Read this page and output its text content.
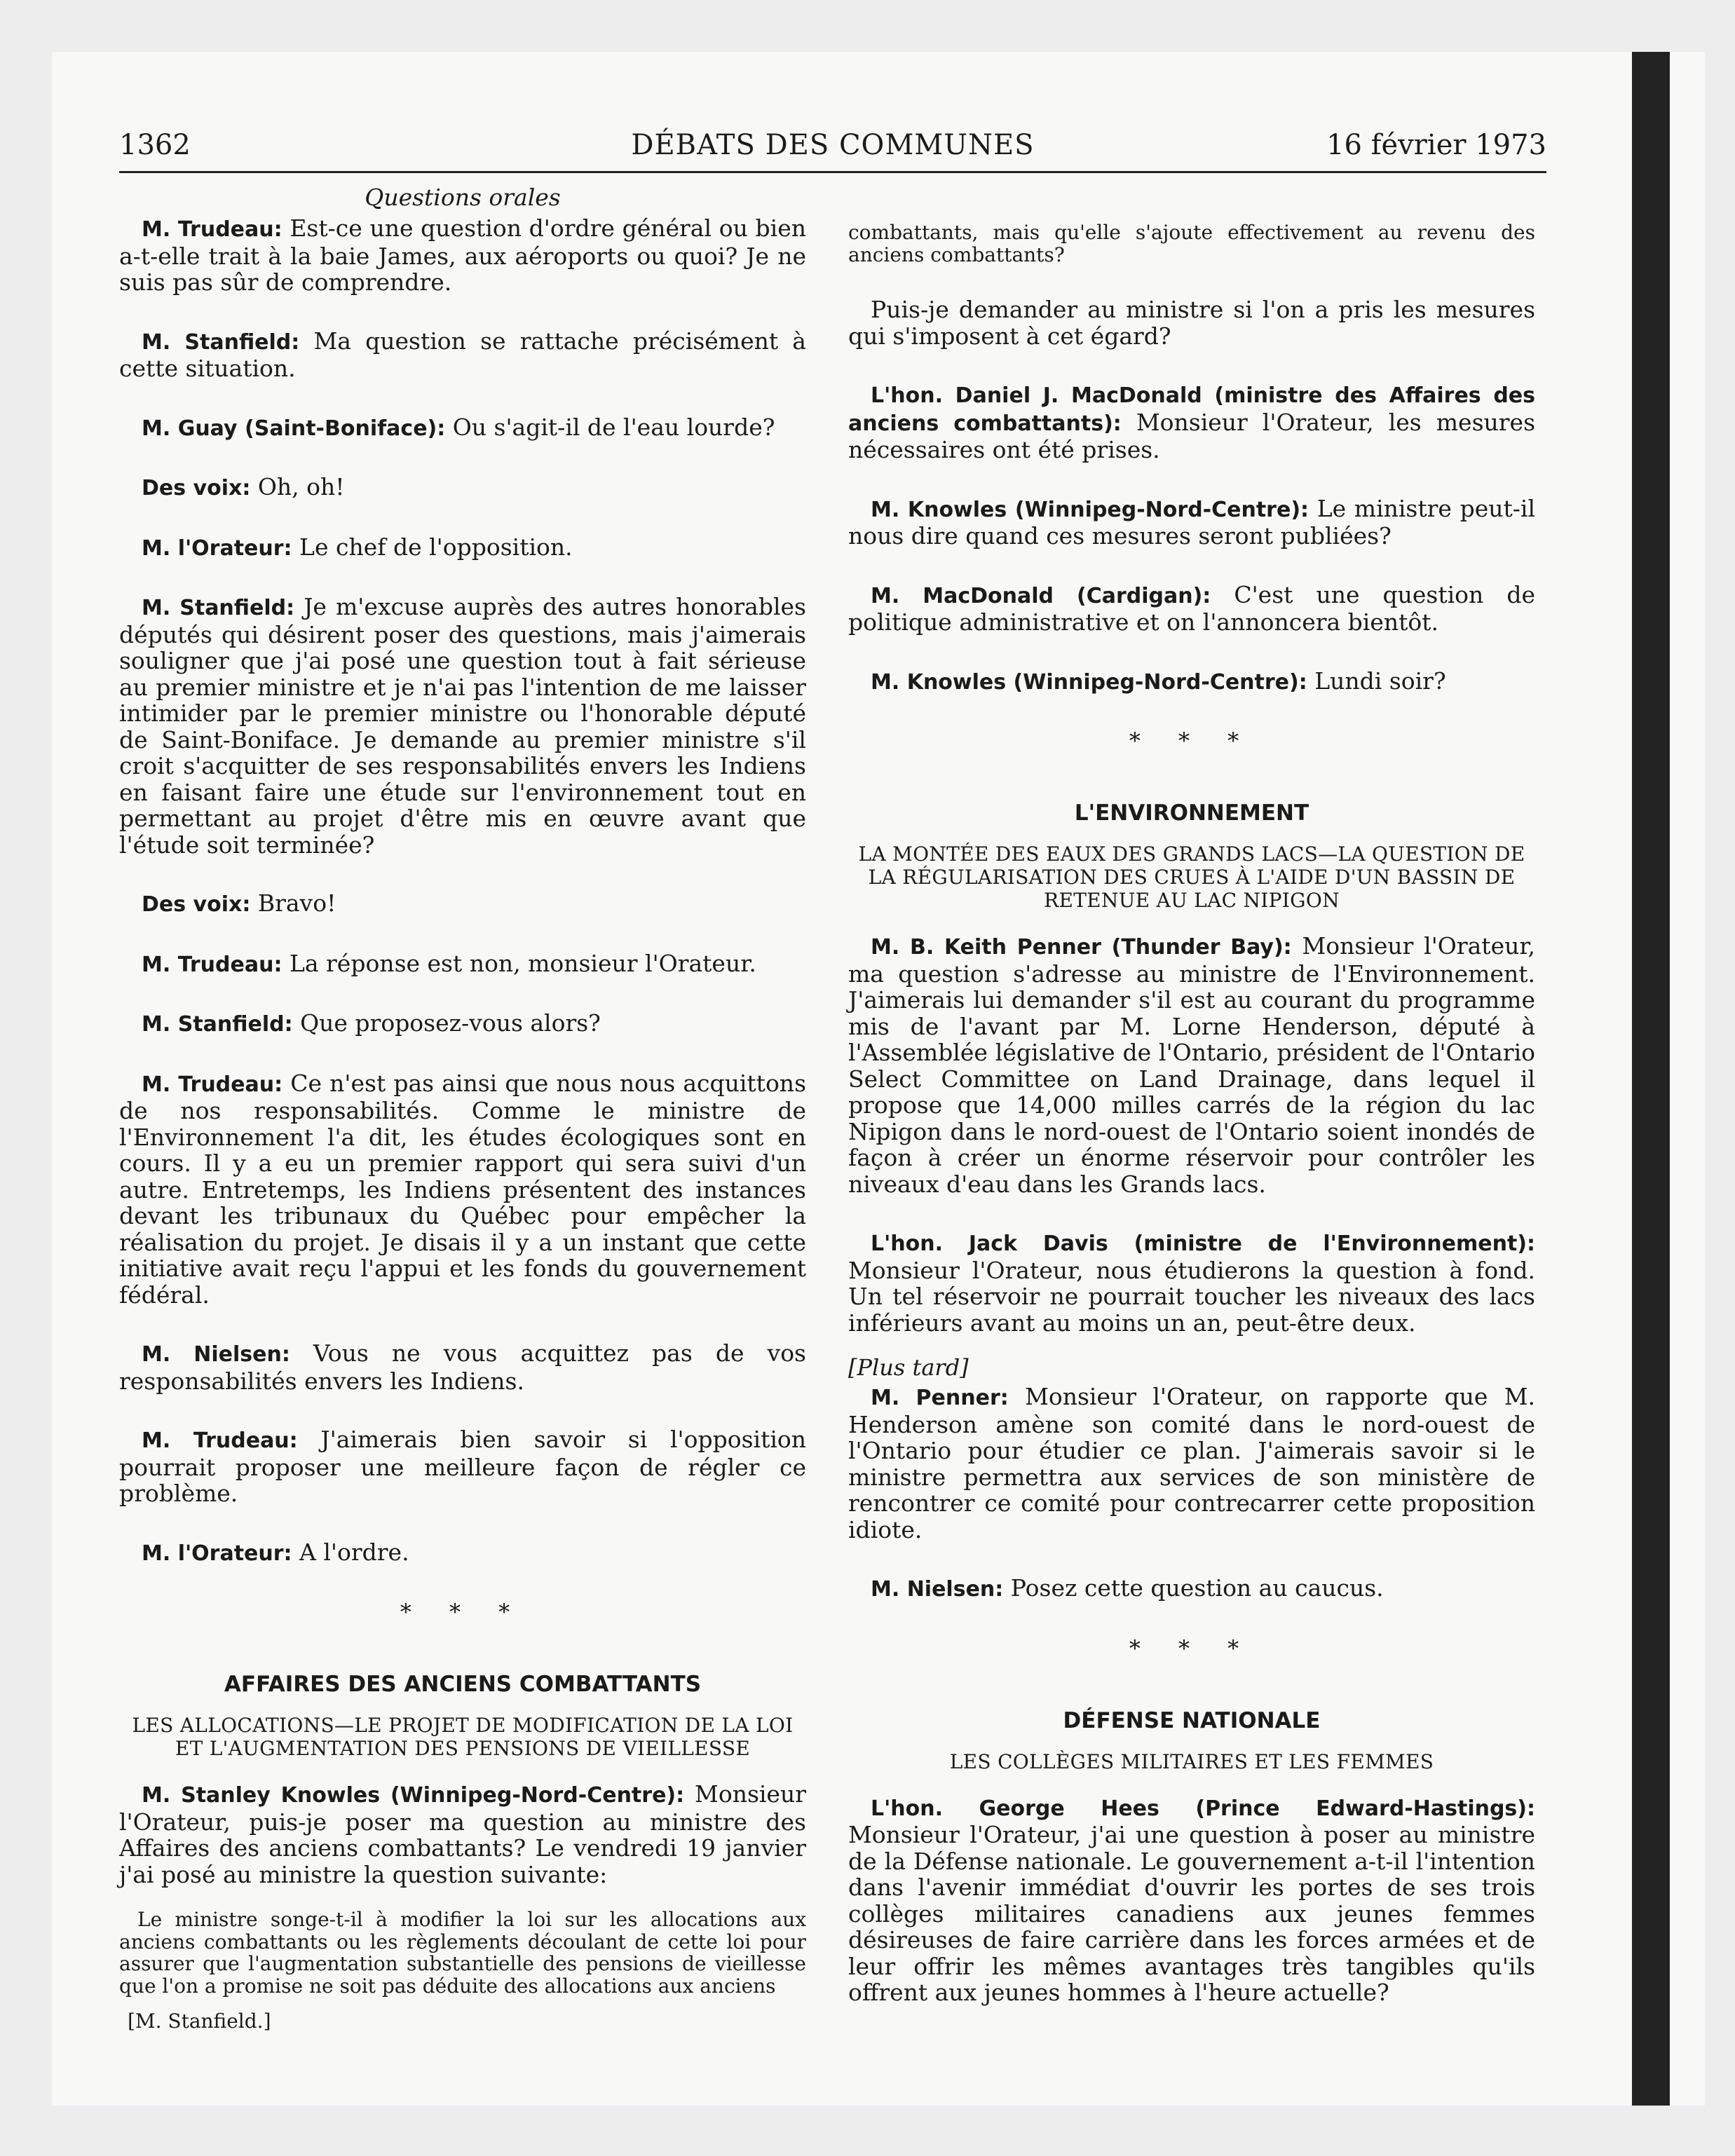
1362	DÉBATS DES COMMUNES	16 février 1973
Questions orales

M. Trudeau: Est-ce une question d'ordre général ou bien a-t-elle trait à la baie James, aux aéroports ou quoi? Je ne suis pas sûr de comprendre.

M. Stanfield: Ma question se rattache précisément à cette situation.

M. Guay (Saint-Boniface): Ou s'agit-il de l'eau lourde?

Des voix: Oh, oh!

M. l'Orateur: Le chef de l'opposition.

M. Stanfield: Je m'excuse auprès des autres honorables députés qui désirent poser des questions, mais j'aimerais souligner que j'ai posé une question tout à fait sérieuse au premier ministre et je n'ai pas l'intention de me laisser intimider par le premier ministre ou l'honorable député de Saint-Boniface. Je demande au premier ministre s'il croit s'acquitter de ses responsabilités envers les Indiens en faisant faire une étude sur l'environnement tout en permettant au projet d'être mis en œuvre avant que l'étude soit terminée?

Des voix: Bravo!

M. Trudeau: La réponse est non, monsieur l'Orateur.

M. Stanfield: Que proposez-vous alors?

M. Trudeau: Ce n'est pas ainsi que nous nous acquittons de nos responsabilités. Comme le ministre de l'Environnement l'a dit, les études écologiques sont en cours. Il y a eu un premier rapport qui sera suivi d'un autre. Entretemps, les Indiens présentent des instances devant les tribunaux du Québec pour empêcher la réalisation du projet. Je disais il y a un instant que cette initiative avait reçu l'appui et les fonds du gouvernement fédéral.

M. Nielsen: Vous ne vous acquittez pas de vos responsabilités envers les Indiens.

M. Trudeau: J'aimerais bien savoir si l'opposition pourrait proposer une meilleure façon de régler ce problème.

M. l'Orateur: A l'ordre.

* * *
AFFAIRES DES ANCIENS COMBATTANTS
LES ALLOCATIONS—LE PROJET DE MODIFICATION DE LA LOI ET L'AUGMENTATION DES PENSIONS DE VIEILLESSE

M. Stanley Knowles (Winnipeg-Nord-Centre): Monsieur l'Orateur, puis-je poser ma question au ministre des Affaires des anciens combattants? Le vendredi 19 janvier j'ai posé au ministre la question suivante:

Le ministre songe-t-il à modifier la loi sur les allocations aux anciens combattants ou les règlements découlant de cette loi pour assurer que l'augmentation substantielle des pensions de vieillesse que l'on a promise ne soit pas déduite des allocations aux anciens

[M. Stanfield.]

combattants, mais qu'elle s'ajoute effectivement au revenu des anciens combattants?

Puis-je demander au ministre si l'on a pris les mesures qui s'imposent à cet égard?

L'hon. Daniel J. MacDonald (ministre des Affaires des anciens combattants): Monsieur l'Orateur, les mesures nécessaires ont été prises.

M. Knowles (Winnipeg-Nord-Centre): Le ministre peut-il nous dire quand ces mesures seront publiées?

M. MacDonald (Cardigan): C'est une question de politique administrative et on l'annoncera bientôt.

M. Knowles (Winnipeg-Nord-Centre): Lundi soir?

* * *
L'ENVIRONNEMENT
LA MONTÉE DES EAUX DES GRANDS LACS—LA QUESTION DE LA RÉGULARISATION DES CRUES À L'AIDE D'UN BASSIN DE RETENUE AU LAC NIPIGON

M. B. Keith Penner (Thunder Bay): Monsieur l'Orateur, ma question s'adresse au ministre de l'Environnement. J'aimerais lui demander s'il est au courant du programme mis de l'avant par M. Lorne Henderson, député à l'Assemblée législative de l'Ontario, président de l'Ontario Select Committee on Land Drainage, dans lequel il propose que 14,000 milles carrés de la région du lac Nipigon dans le nord-ouest de l'Ontario soient inondés de façon à créer un énorme réservoir pour contrôler les niveaux d'eau dans les Grands lacs.

L'hon. Jack Davis (ministre de l'Environnement): Monsieur l'Orateur, nous étudierons la question à fond. Un tel réservoir ne pourrait toucher les niveaux des lacs inférieurs avant au moins un an, peut-être deux.

[Plus tard]

M. Penner: Monsieur l'Orateur, on rapporte que M. Henderson amène son comité dans le nord-ouest de l'Ontario pour étudier ce plan. J'aimerais savoir si le ministre permettra aux services de son ministère de rencontrer ce comité pour contrecarrer cette proposition idiote.

M. Nielsen: Posez cette question au caucus.

* * *
DÉFENSE NATIONALE
LES COLLÈGES MILITAIRES ET LES FEMMES

L'hon. George Hees (Prince Edward-Hastings): Monsieur l'Orateur, j'ai une question à poser au ministre de la Défense nationale. Le gouvernement a-t-il l'intention dans l'avenir immédiat d'ouvrir les portes de ses trois collèges militaires canadiens aux jeunes femmes désireuses de faire carrière dans les forces armées et de leur offrir les mêmes avantages très tangibles qu'ils offrent aux jeunes hommes à l'heure actuelle?
